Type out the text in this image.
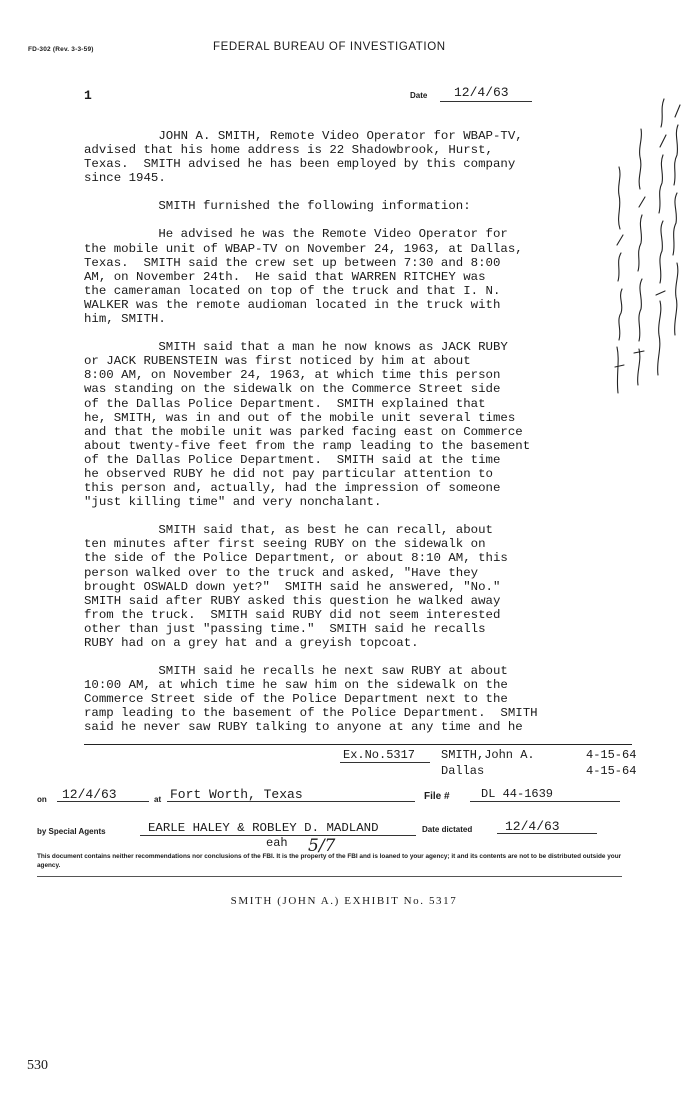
FD-302 (Rev. 3-3-59)	FEDERAL BUREAU OF INVESTIGATION
1	Date 12/4/63

JOHN A. SMITH, Remote Video Operator for WBAP-TV,
advised that his home address is 22 Shadowbrook, Hurst,
Texas.  SMITH advised he has been employed by this company
since 1945.

SMITH furnished the following information:

He advised he was the Remote Video Operator for
the mobile unit of WBAP-TV on November 24, 1963, at Dallas,
Texas.  SMITH said the crew set up between 7:30 and 8:00
AM, on November 24th.  He said that WARREN RITCHEY was
the cameraman located on top of the truck and that I. N.
WALKER was the remote audioman located in the truck with
him, SMITH.

SMITH said that a man he now knows as JACK RUBY
or JACK RUBENSTEIN was first noticed by him at about
8:00 AM, on November 24, 1963, at which time this person
was standing on the sidewalk on the Commerce Street side
of the Dallas Police Department.  SMITH explained that
he, SMITH, was in and out of the mobile unit several times
and that the mobile unit was parked facing east on Commerce
about twenty-five feet from the ramp leading to the basement
of the Dallas Police Department.  SMITH said at the time
he observed RUBY he did not pay particular attention to
this person and, actually, had the impression of someone
"just killing time" and very nonchalant.

SMITH said that, as best he can recall, about
ten minutes after first seeing RUBY on the sidewalk on
the side of the Police Department, or about 8:10 AM, this
person walked over to the truck and asked, "Have they
brought OSWALD down yet?"  SMITH said he answered, "No."
SMITH said after RUBY asked this question he walked away
from the truck.  SMITH said RUBY did not seem interested
other than just "passing time."  SMITH said he recalls
RUBY had on a grey hat and a greyish topcoat.

SMITH said he recalls he next saw RUBY at about
10:00 AM, at which time he saw him on the sidewalk on the
Commerce Street side of the Police Department next to the
ramp leading to the basement of the Police Department.  SMITH
said he never saw RUBY talking to anyone at any time and he

Ex.No.5317 SMITH,John A.	4-15-64
Dallas	4-15-64
on 12/4/63	at Fort Worth, Texas	File #	DL 44-1639
by Special Agents	EARLE HALEY & ROBLEY D. MADLAND	Date dictated	12/4/63
eah 5/7
This document contains neither recommendations nor conclusions of the FBI. It is the property of the FBI and is loaned to your agency; it and its contents are not to be distributed outside your agency.
SMITH (JOHN A.) EXHIBIT No. 5317
530
